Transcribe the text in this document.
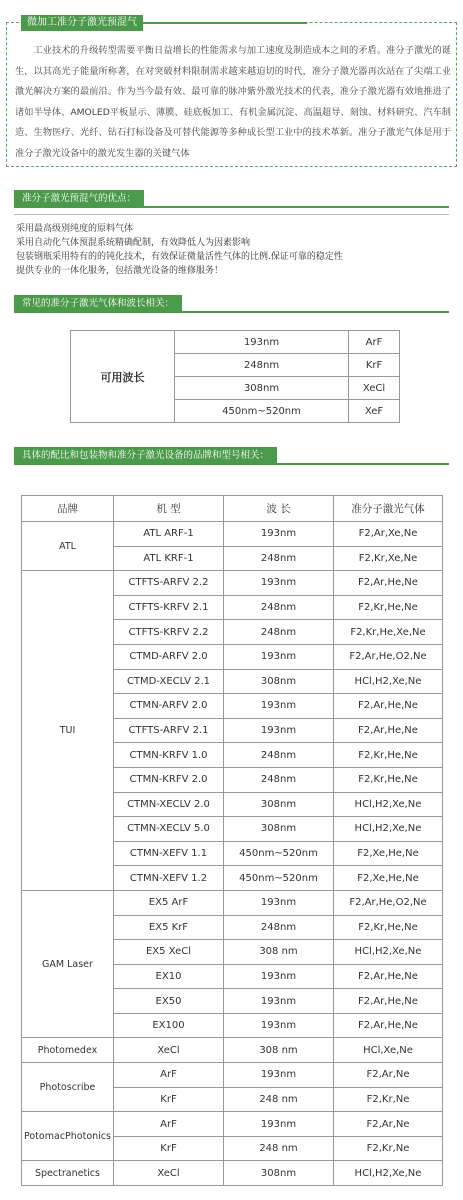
微加工准分子激光预混气

工业技术的升级转型需要平衡日益增长的性能需求与加工速度及制造成本之间的矛盾。准分子激光的诞生，以其高光子能量所称著，在对突破材料限制需求越来越迫切的时代，准分子激光器再次站在了尖端工业激光解决方案的最前沿。作为当今最有效、最可靠的脉冲紫外激光技术的代表，准分子激光器有效地推进了诸如半导体、AMOLED平板显示、薄膜、硅底板加工、有机金属沉淀、高温超导、刻蚀、材料研究、汽车制造、生物医疗、光纤、钻石打标设备及可替代能源等多种成长型工业中的技术革新。准分子激光气体是用于准分子激光设备中的激光发生器的关键气体

准分子激光预混气的优点：
采用最高级别纯度的原料气体
采用自动化气体预混系统精确配制，有效降低人为因素影响
包装钢瓶采用特有的的钝化技术，有效保证微量活性气体的比例.保证可靠的稳定性
提供专业的一体化服务，包括激光设备的维修服务！
常见的准分子激光气体和波长相关：
可用波长	193nm	ArF
	248nm	KrF
	308nm	XeCl
	450nm~520nm	XeF
具体的配比和包装物和准分子激光设备的品牌和型号相关：
品牌	机 型	波 长	准分子激光气体
ATL	ATL ARF-1	193nm	F2,Ar,Xe,Ne
	ATL KRF-1	248nm	F2,Kr,Xe,Ne
TUI	CTFTS-ARFV 2.2	193nm	F2,Ar,He,Ne
	CTFTS-KRFV 2.1	248nm	F2,Kr,He,Ne
	CTFTS-KRFV 2.2	248nm	F2,Kr,He,Xe,Ne
	CTMD-ARFV 2.0	193nm	F2,Ar,He,O2,Ne
	CTMD-XECLV 2.1	308nm	HCl,H2,Xe,Ne
	CTMN-ARFV 2.0	193nm	F2,Ar,He,Ne
	CTFTS-ARFV 2.1	193nm	F2,Ar,He,Ne
	CTMN-KRFV 1.0	248nm	F2,Kr,He,Ne
	CTMN-KRFV 2.0	248nm	F2,Kr,He,Ne
	CTMN-XECLV 2.0	308nm	HCl,H2,Xe,Ne
	CTMN-XECLV 5.0	308nm	HCl,H2,Xe,Ne
	CTMN-XEFV 1.1	450nm~520nm	F2,Xe,He,Ne
	CTMN-XEFV 1.2	450nm~520nm	F2,Xe,He,Ne
GAM Laser	EX5 ArF	193nm	F2,Ar,He,O2,Ne
	EX5 KrF	248nm	F2,Kr,He,Ne
	EX5 XeCl	308 nm	HCl,H2,Xe,Ne
	EX10	193nm	F2,Ar,He,Ne
	EX50	193nm	F2,Ar,He,Ne
	EX100	193nm	F2,Ar,He,Ne
Photomedex	XeCl	308 nm	HCl,Xe,Ne
Photoscribe	ArF	193nm	F2,Ar,Ne
	KrF	248 nm	F2,Kr,Ne
PotomacPhotonics	ArF	193nm	F2,Ar,Ne
	KrF	248 nm	F2,Kr,Ne
Spectranetics	XeCl	308nm	HCl,H2,Xe,Ne
